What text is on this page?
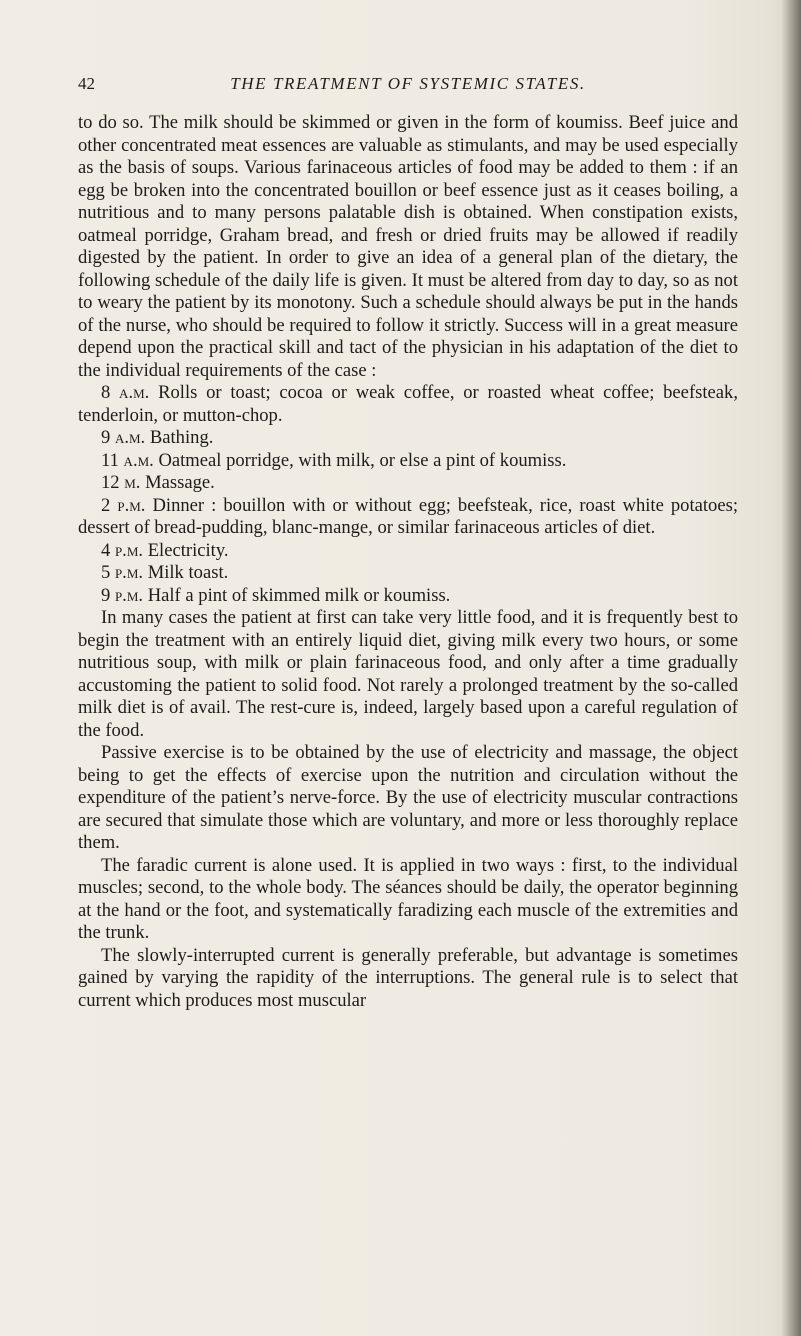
42	THE TREATMENT OF SYSTEMIC STATES.

to do so. The milk should be skimmed or given in the form of koumiss. Beef juice and other concentrated meat essences are valuable as stimulants, and may be used especially as the basis of soups. Various farinaceous articles of food may be added to them : if an egg be broken into the concentrated bouillon or beef essence just as it ceases boiling, a nutritious and to many persons palatable dish is obtained. When constipation exists, oatmeal porridge, Graham bread, and fresh or dried fruits may be allowed if readily digested by the patient. In order to give an idea of a general plan of the dietary, the following schedule of the daily life is given. It must be altered from day to day, so as not to weary the patient by its monotony. Such a schedule should always be put in the hands of the nurse, who should be required to follow it strictly. Success will in a great measure depend upon the practical skill and tact of the physician in his adaptation of the diet to the individual requirements of the case :

8 a.m. Rolls or toast; cocoa or weak coffee, or roasted wheat coffee; beefsteak, tenderloin, or mutton-chop.

9 a.m. Bathing.

11 a.m. Oatmeal porridge, with milk, or else a pint of koumiss.

12 m. Massage.

2 p.m. Dinner : bouillon with or without egg; beefsteak, rice, roast white potatoes; dessert of bread-pudding, blanc-mange, or similar farinaceous articles of diet.

4 p.m. Electricity.

5 p.m. Milk toast.

9 p.m. Half a pint of skimmed milk or koumiss.

In many cases the patient at first can take very little food, and it is frequently best to begin the treatment with an entirely liquid diet, giving milk every two hours, or some nutritious soup, with milk or plain farinaceous food, and only after a time gradually accustoming the patient to solid food. Not rarely a prolonged treatment by the so-called milk diet is of avail. The rest-cure is, indeed, largely based upon a careful regulation of the food.

Passive exercise is to be obtained by the use of electricity and massage, the object being to get the effects of exercise upon the nutrition and circulation without the expenditure of the patient’s nerve-force. By the use of electricity muscular contractions are secured that simulate those which are voluntary, and more or less thoroughly replace them.

The faradic current is alone used. It is applied in two ways : first, to the individual muscles; second, to the whole body. The séances should be daily, the operator beginning at the hand or the foot, and systematically faradizing each muscle of the extremities and the trunk.

The slowly-interrupted current is generally preferable, but advantage is sometimes gained by varying the rapidity of the interruptions. The general rule is to select that current which produces most muscular
